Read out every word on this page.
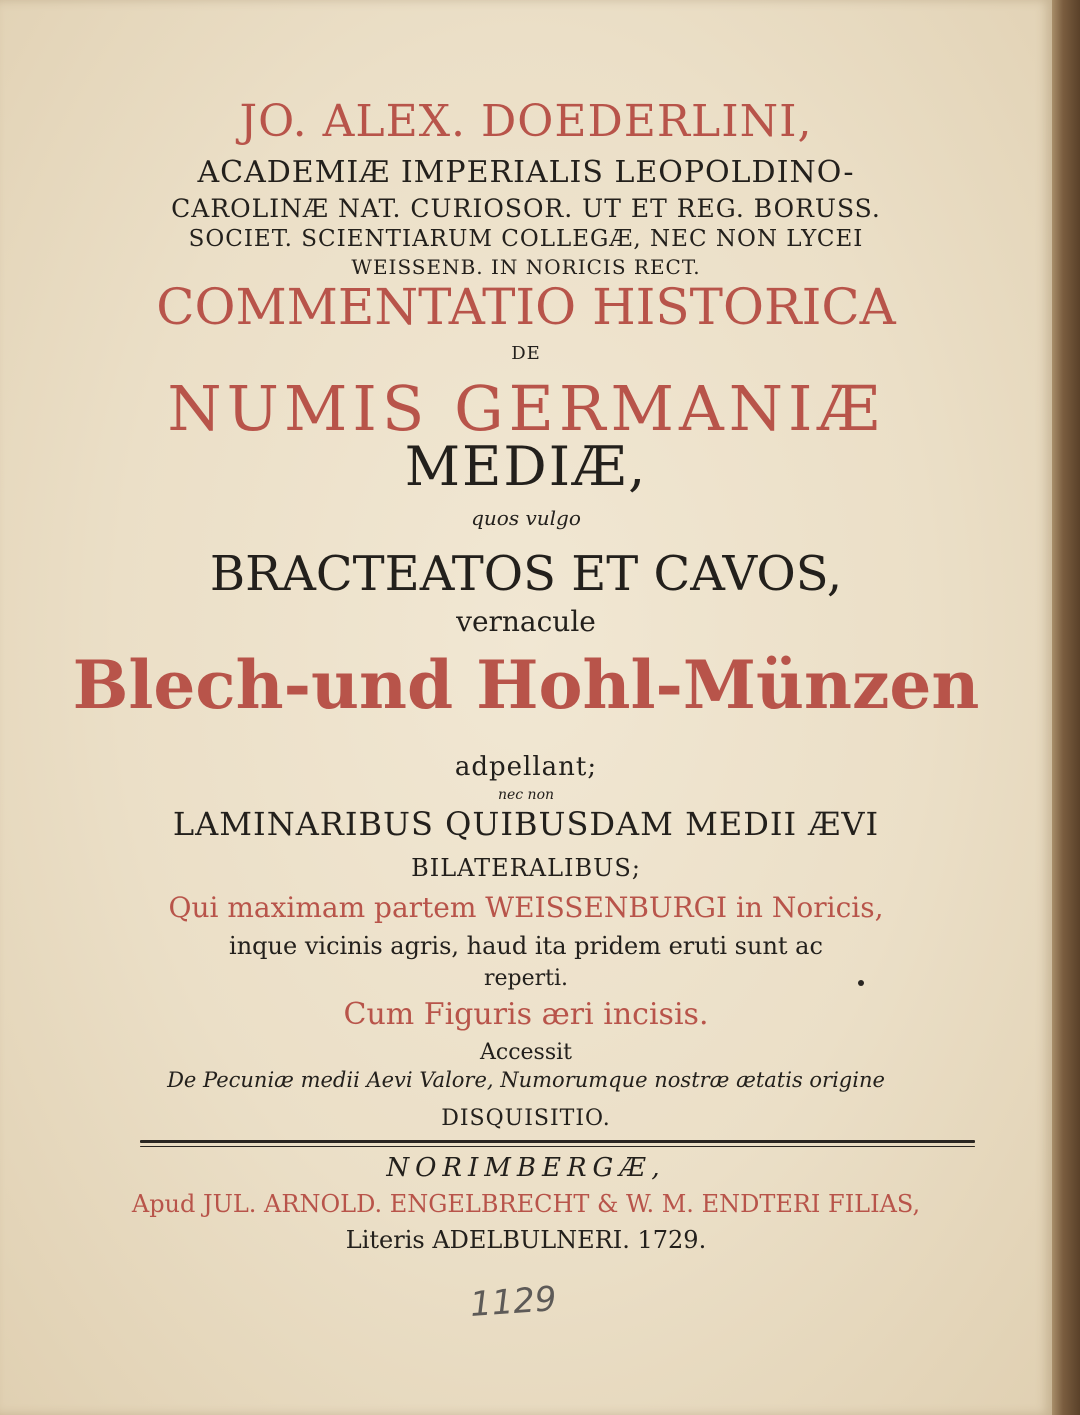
JO. ALEX. DOEDERLINI,

ACADEMIÆ IMPERIALIS LEOPOLDINO-

CAROLINÆ NAT. CURIOSOR. UT ET REG. BORUSS.

SOCIET. SCIENTIARUM COLLEGÆ, NEC NON LYCEI

WEISSENB. IN NORICIS RECT.

COMMENTATIO HISTORICA

DE

NUMIS GERMANIÆ

MEDIÆ,

quos vulgo

BRACTEATOS ET CAVOS,

vernacule

Blech-und Hohl-Münzen

adpellant;

nec non

LAMINARIBUS QUIBUSDAM MEDII ÆVI

BILATERALIBUS;

Qui maximam partem WEISSENBURGI in Noricis,

inque vicinis agris, haud ita pridem eruti sunt ac

reperti.

Cum Figuris æri incisis.

Accessit

De Pecuniæ medii Aevi Valore, Numorumque nostræ ætatis origine

DISQUISITIO.

NORIMBERGÆ,

Apud JUL. ARNOLD. ENGELBRECHT & W. M. ENDTERI FILIAS,

Literis ADELBULNERI. 1729.

1129
